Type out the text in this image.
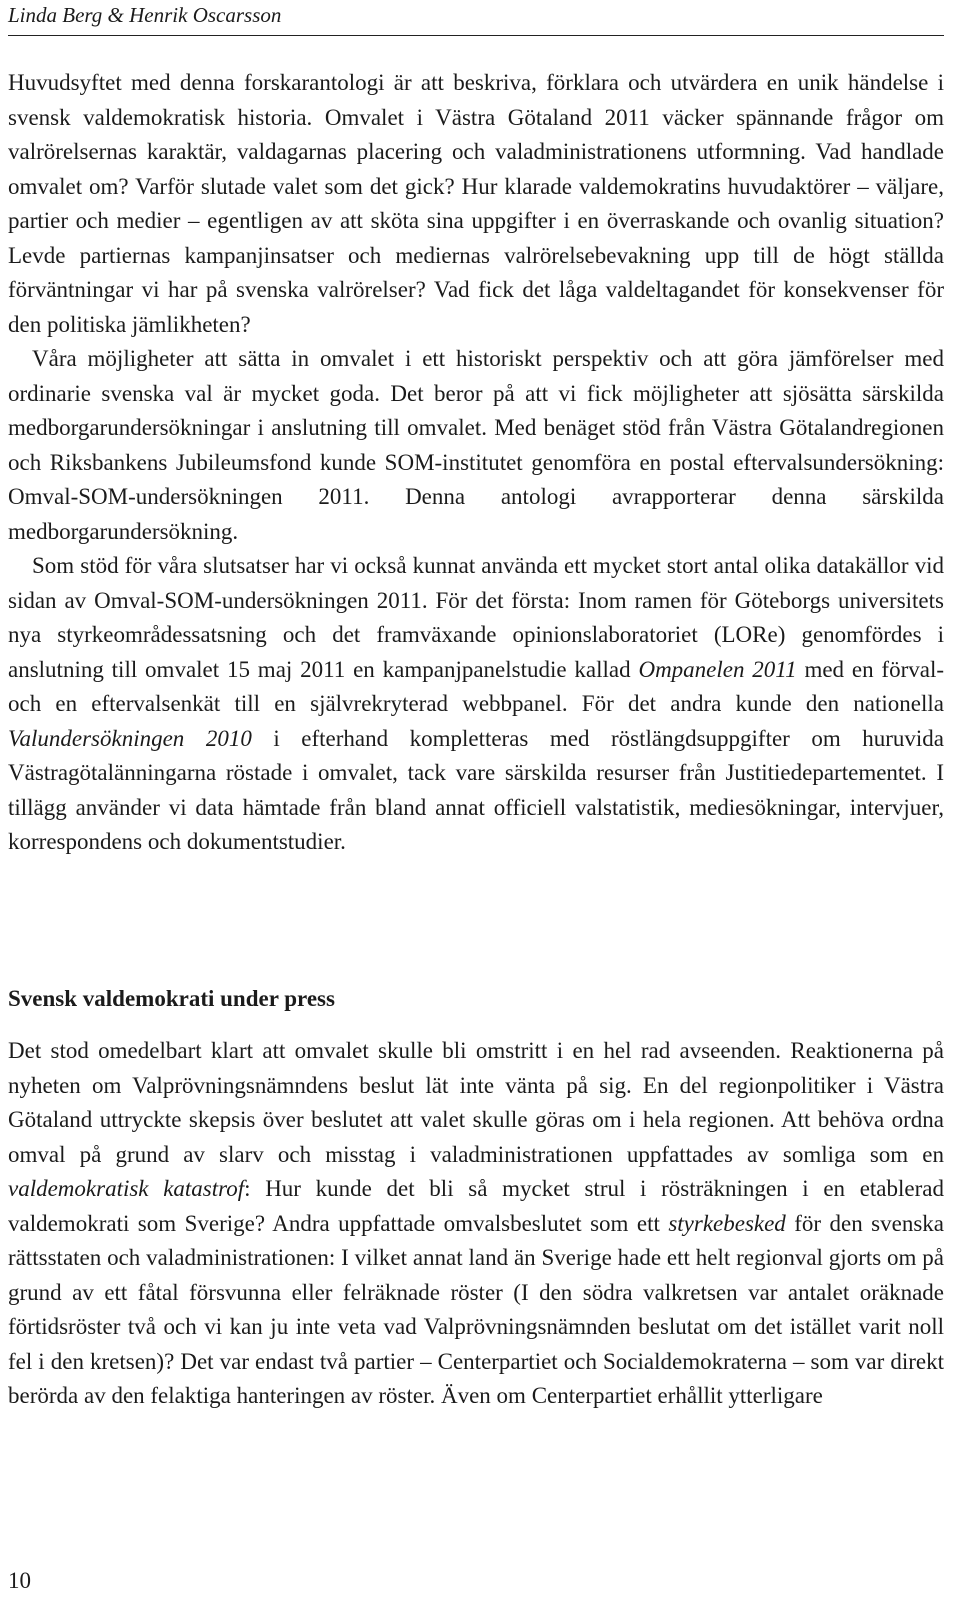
Linda Berg & Henrik Oscarsson

Huvudsyftet med denna forskarantologi är att beskriva, förklara och utvärdera en unik händelse i svensk valdemokratisk historia. Omvalet i Västra Götaland 2011 väcker spännande frågor om valrörelsernas karaktär, valdagarnas placering och valadministrationens utformning. Vad handlade omvalet om? Varför slutade valet som det gick? Hur klarade valdemokratins huvudaktörer – väljare, partier och medier – egentligen av att sköta sina uppgifter i en överraskande och ovanlig situation? Levde partiernas kampanjinsatser och mediernas valrörelsebevakning upp till de högt ställda förväntningar vi har på svenska valrörelser? Vad fick det låga valdeltagandet för konsekvenser för den politiska jämlikheten?

Våra möjligheter att sätta in omvalet i ett historiskt perspektiv och att göra jämförelser med ordinarie svenska val är mycket goda. Det beror på att vi fick möjligheter att sjösätta särskilda medborgarundersökningar i anslutning till omvalet. Med benäget stöd från Västra Götalandregionen och Riksbankens Jubileumsfond kunde SOM-institutet genomföra en postal eftervalsundersökning: Omval-SOM-undersökningen 2011. Denna antologi avrapporterar denna särskilda medborgarundersökning.

Som stöd för våra slutsatser har vi också kunnat använda ett mycket stort antal olika datakällor vid sidan av Omval-SOM-undersökningen 2011. För det första: Inom ramen för Göteborgs universitets nya styrkeområdessatsning och det framväxande opinionslaboratoriet (LORe) genomfördes i anslutning till omvalet 15 maj 2011 en kampanjpanelstudie kallad Ompanelen 2011 med en förval- och en eftervalsenkät till en självrekryterad webbpanel. För det andra kunde den nationella Valundersökningen 2010 i efterhand kompletteras med röstlängdsuppgifter om huruvida Västragötalänningarna röstade i omvalet, tack vare särskilda resurser från Justitiedepartementet. I tillägg använder vi data hämtade från bland annat officiell valstatistik, mediesökningar, intervjuer, korrespondens och dokumentstudier.

Svensk valdemokrati under press

Det stod omedelbart klart att omvalet skulle bli omstritt i en hel rad avseenden. Reaktionerna på nyheten om Valprövningsnämndens beslut lät inte vänta på sig. En del regionpolitiker i Västra Götaland uttryckte skepsis över beslutet att valet skulle göras om i hela regionen. Att behöva ordna omval på grund av slarv och misstag i valadministrationen uppfattades av somliga som en valdemokratisk katastrof: Hur kunde det bli så mycket strul i rösträkningen i en etablerad valdemokrati som Sverige? Andra uppfattade omvalsbeslutet som ett styrkebesked för den svenska rättsstaten och valadministrationen: I vilket annat land än Sverige hade ett helt regionval gjorts om på grund av ett fåtal försvunna eller felräknade röster (I den södra valkretsen var antalet oräknade förtidsröster två och vi kan ju inte veta vad Valprövningsnämnden beslutat om det istället varit noll fel i den kretsen)? Det var endast två partier – Centerpartiet och Socialdemokraterna – som var direkt berörda av den felaktiga hanteringen av röster. Även om Centerpartiet erhållit ytterligare

10
